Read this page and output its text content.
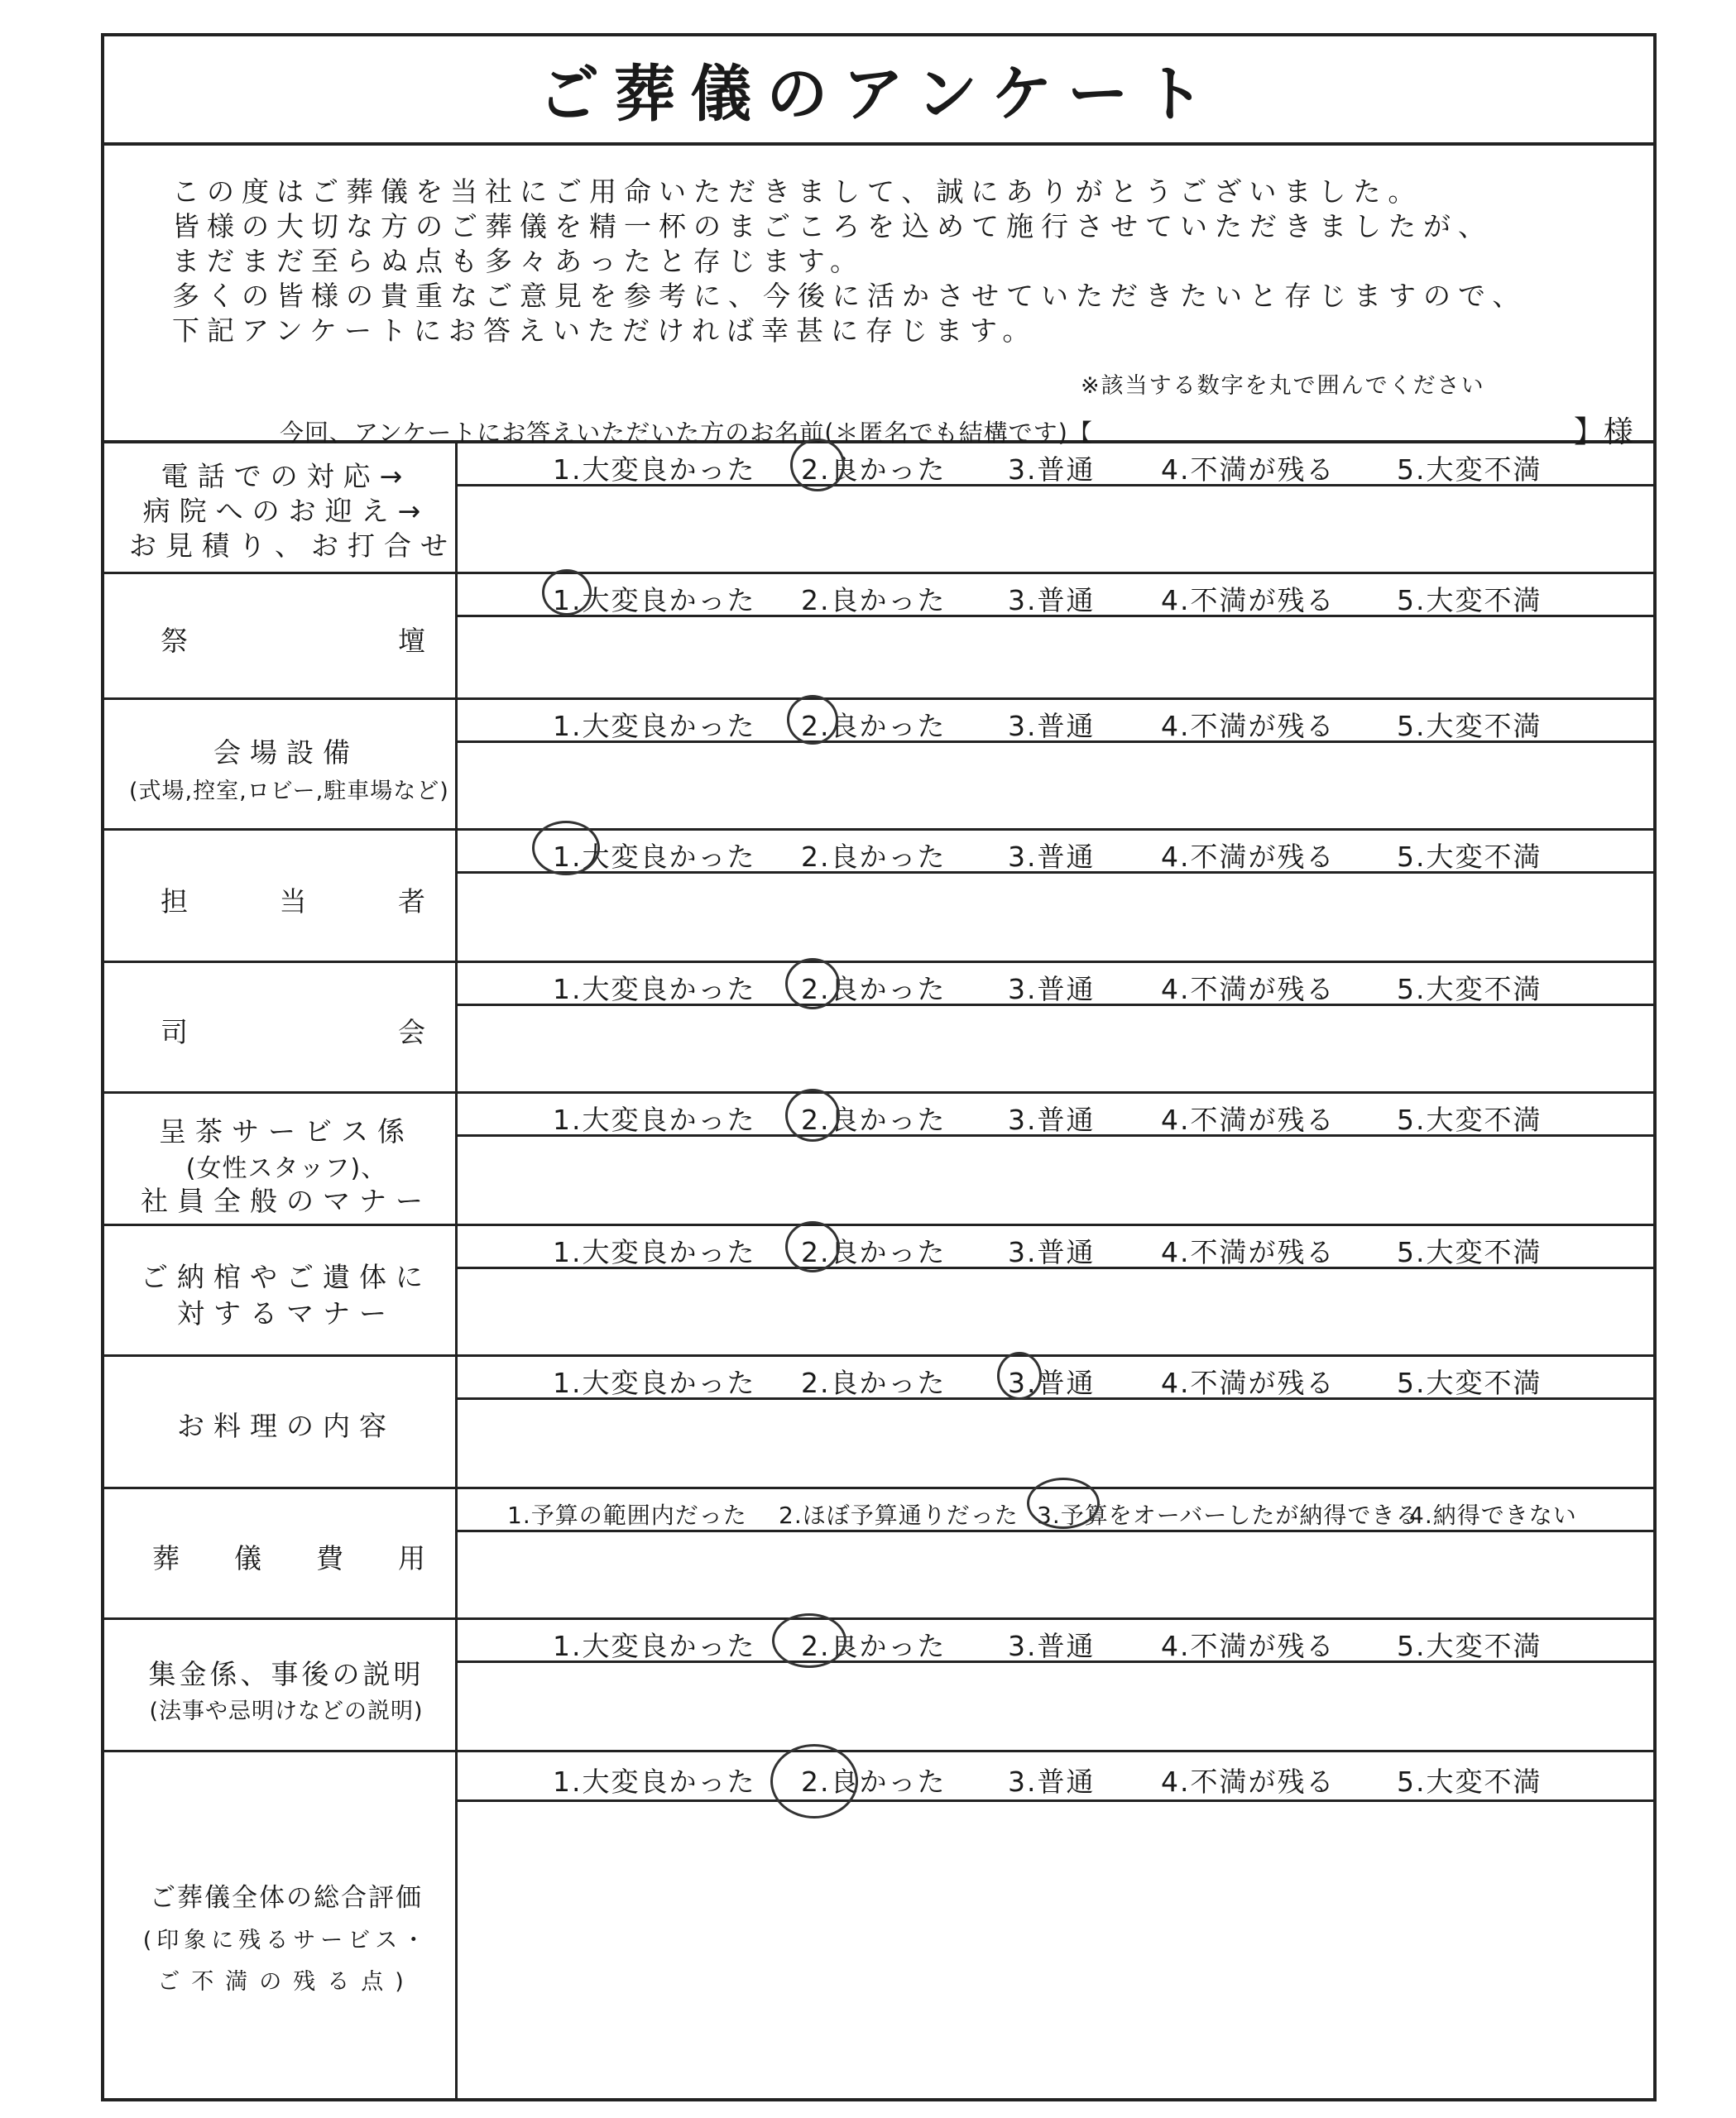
ご葬儀のアンケート
この度はご葬儀を当社にご用命いただきまして、誠にありがとうございました。
皆様の大切な方のご葬儀を精一杯のまごころを込めて施行させていただきましたが、
まだまだ至らぬ点も多々あったと存じます。
多くの皆様の貴重なご意見を参考に、今後に活かさせていただきたいと存じますので、
下記アンケートにお答えいただければ幸甚に存じます。
※該当する数字を丸で囲んでください
今回、アンケートにお答えいただいた方のお名前(＊匿名でも結構です)【	】様
電話での対応→
病院へのお迎え→
お見積り、お打合せ
1.大変良かった 2.良かった 3.普通 4.不満が残る 5.大変不満
祭	壇
1.大変良かった 2.良かった 3.普通 4.不満が残る 5.大変不満
会場設備
(式場,控室,ロビー,駐車場など)
1.大変良かった 2.良かった 3.普通 4.不満が残る 5.大変不満
担	当	者
1.大変良かった 2.良かった 3.普通 4.不満が残る 5.大変不満
司	会
1.大変良かった 2.良かった 3.普通 4.不満が残る 5.大変不満
呈茶サービス係
(女性スタッフ)、
社員全般のマナー
1.大変良かった 2.良かった 3.普通 4.不満が残る 5.大変不満
ご納棺やご遺体に
対するマナー
1.大変良かった 2.良かった 3.普通 4.不満が残る 5.大変不満
お料理の内容
1.大変良かった 2.良かった 3.普通 4.不満が残る 5.大変不満
葬 儀 費 用
1.予算の範囲内だった 2.ほぼ予算通りだった 3.予算をオーバーしたが納得できる
4.納得できない
集金係、事後の説明
(法事や忌明けなどの説明)
1.大変良かった 2.良かった 3.普通 4.不満が残る 5.大変不満
ご葬儀全体の総合評価
(印象に残るサービス・
ご不満の残る点)
1.大変良かった 2.良かった 3.普通 4.不満が残る 5.大変不満
